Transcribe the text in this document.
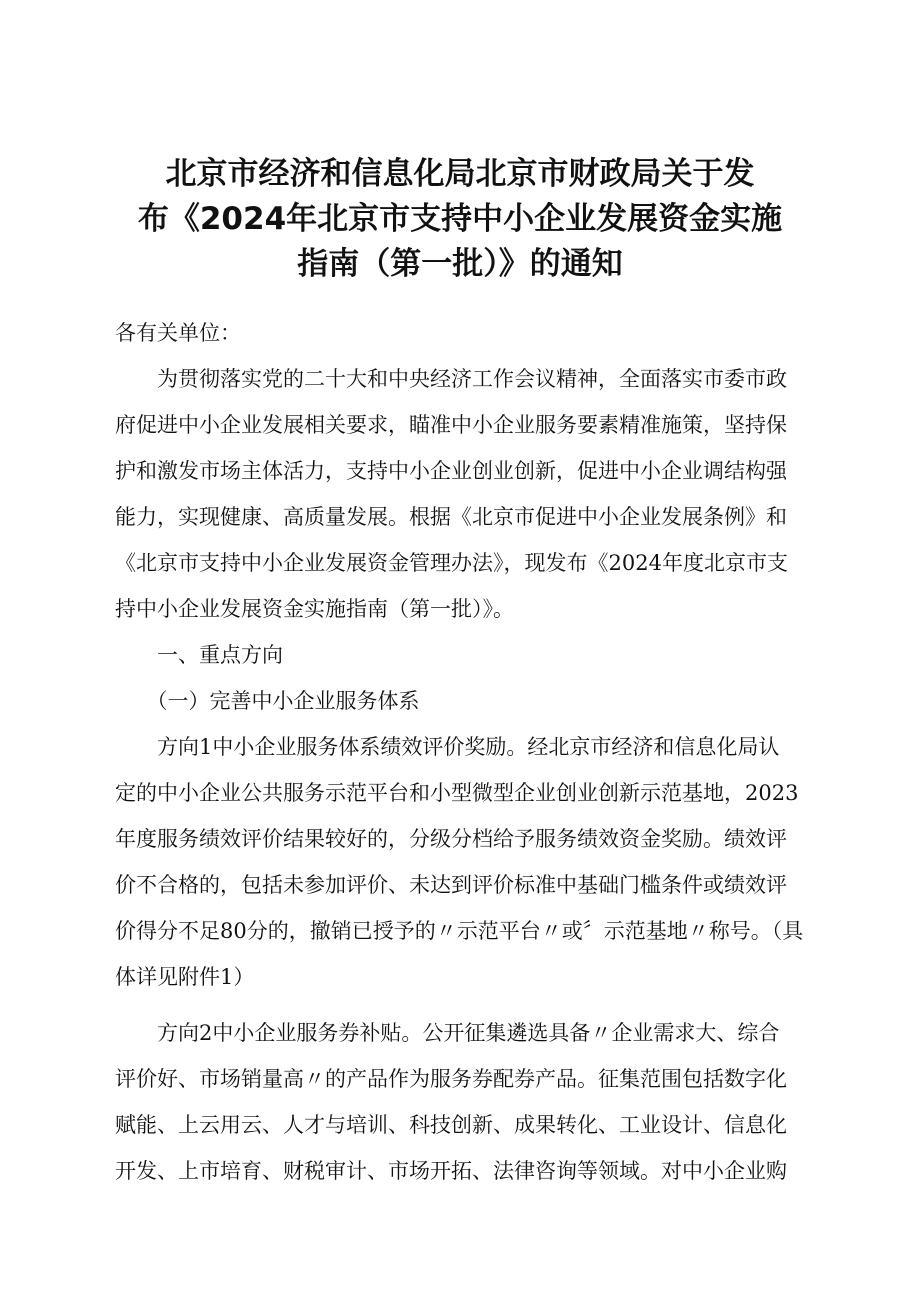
北京市经济和信息化局北京市财政局关于发
布《2024年北京市支持中小企业发展资金实施
指南（第一批）》的通知
各有关单位：
　　为贯彻落实党的二十大和中央经济工作会议精神，全面落实市委市政
府促进中小企业发展相关要求，瞄准中小企业服务要素精准施策，坚持保
护和激发市场主体活力，支持中小企业创业创新，促进中小企业调结构强
能力，实现健康、高质量发展。根据《北京市促进中小企业发展条例》和
《北京市支持中小企业发展资金管理办法》，现发布《2024年度北京市支
持中小企业发展资金实施指南（第一批）》。
　　一、重点方向
　　（一）完善中小企业服务体系
　　方向1中小企业服务体系绩效评价奖励。经北京市经济和信息化局认
定的中小企业公共服务示范平台和小型微型企业创业创新示范基地，2023
年度服务绩效评价结果较好的，分级分档给予服务绩效资金奖励。绩效评
价不合格的，包括未参加评价、未达到评价标准中基础门槛条件或绩效评
价得分不足80分的，撤销已授予的〃示范平台〃或〞示范基地〃称号。（具
体详见附件1）
　　方向2中小企业服务券补贴。公开征集遴选具备〃企业需求大、综合
评价好、市场销量高〃的产品作为服务券配券产品。征集范围包括数字化
赋能、上云用云、人才与培训、科技创新、成果转化、工业设计、信息化
开发、上市培育、财税审计、市场开拓、法律咨询等领域。对中小企业购
